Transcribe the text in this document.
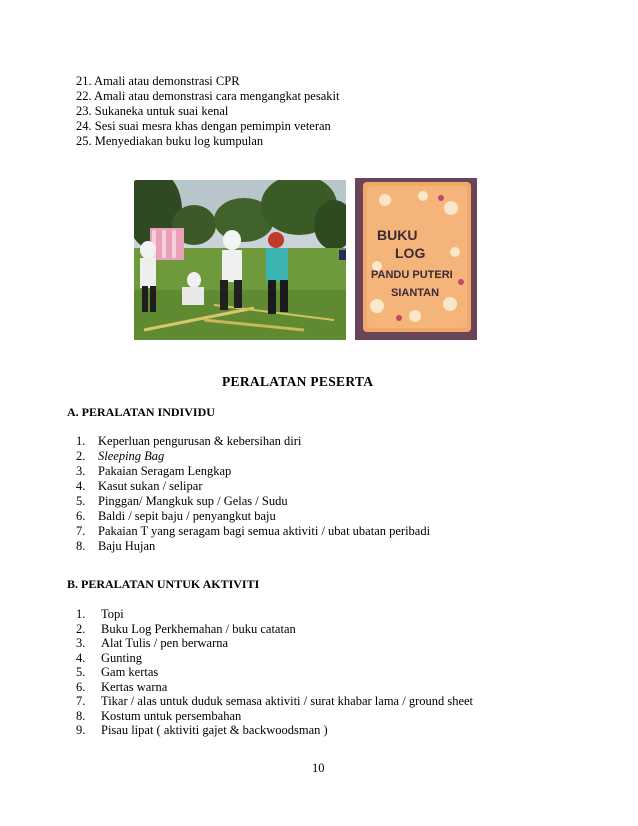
21. Amali atau demonstrasi CPR
22. Amali atau demonstrasi cara mengangkat pesakit
23. Sukaneka untuk suai kenal
24. Sesi suai mesra khas dengan pemimpin veteran
25. Menyediakan buku log kumpulan
BUKU
LOG
PANDU PUTERI
SIANTAN
PERALATAN PESERTA
A. PERALATAN INDIVIDU
1. Keperluan pengurusan & kebersihan diri
2. Sleeping Bag
3. Pakaian Seragam Lengkap
4. Kasut sukan / selipar
5. Pinggan/ Mangkuk sup / Gelas / Sudu
6. Baldi / sepit baju / penyangkut baju
7. Pakaian T yang seragam bagi semua aktiviti / ubat ubatan peribadi
8. Baju Hujan
B. PERALATAN UNTUK AKTIVITI
1. Topi
2. Buku Log Perkhemahan / buku catatan
3. Alat Tulis / pen berwarna
4. Gunting
5. Gam kertas
6. Kertas warna
7. Tikar / alas untuk duduk semasa aktiviti / surat khabar lama / ground sheet
8. Kostum untuk persembahan
9. Pisau lipat ( aktiviti gajet & backwoodsman )
10
